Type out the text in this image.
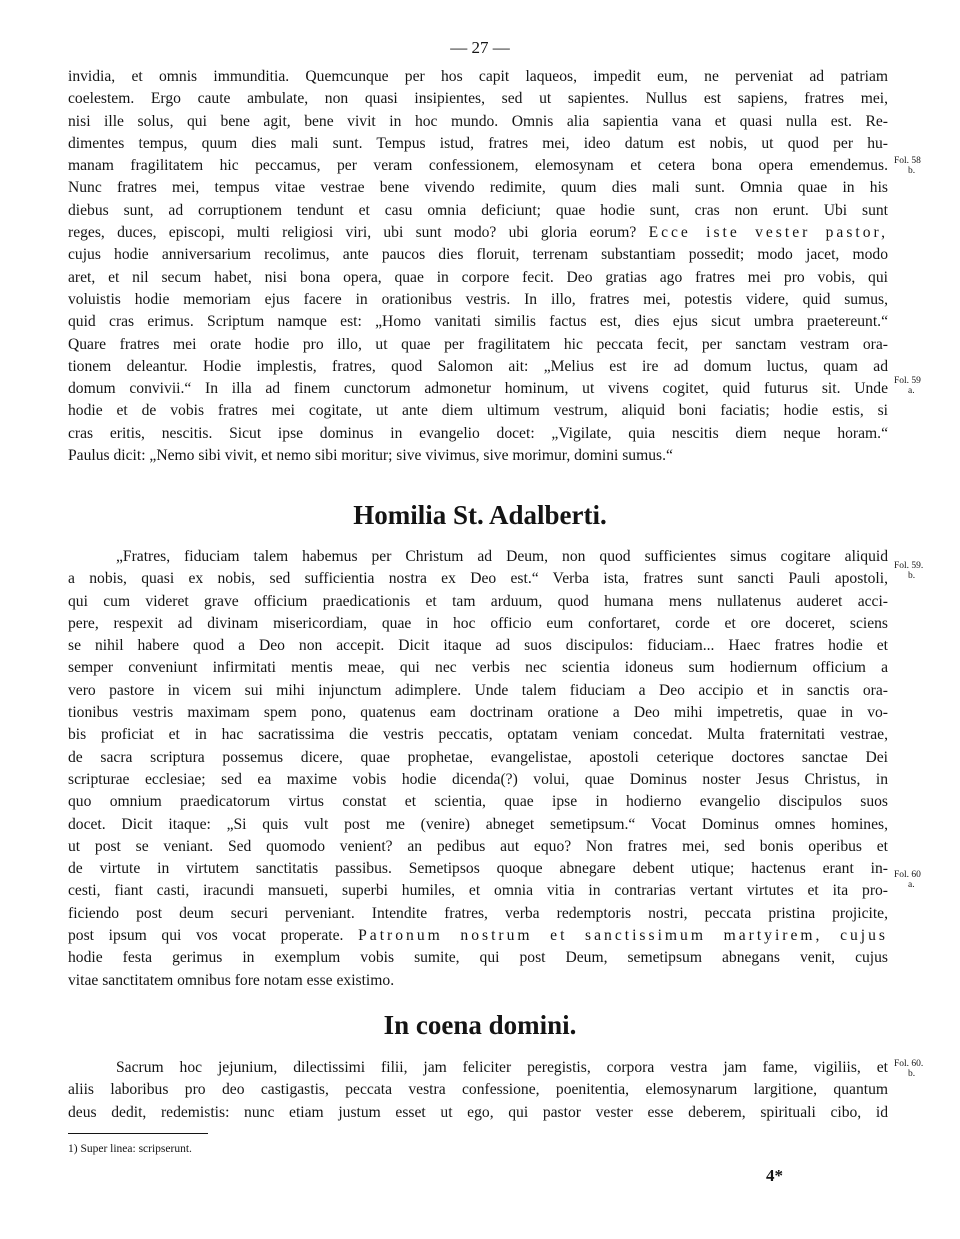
— 27 —
invidia, et omnis immunditia. Quemcunque per hos capit laqueos, impedit eum, ne perveniat ad patriam
coelestem. Ergo caute ambulate, non quasi insipientes, sed ut sapientes. Nullus est sapiens, fratres mei,
nisi ille solus, qui bene agit, bene vivit in hoc mundo. Omnis alia sapientia vana et quasi nulla est. Re-
dimentes tempus, quum dies mali sunt. Tempus istud, fratres mei, ideo datum est nobis, ut quod per hu-
manam fragilitatem hic peccamus, per veram confessionem, elemosynam et cetera bona opera emendemus.
Nunc fratres mei, tempus vitae vestrae bene vivendo redimite, quum dies mali sunt. Omnia quae in his
diebus sunt, ad corruptionem tendunt et casu omnia deficiunt; quae hodie sunt, cras non erunt. Ubi sunt
reges, duces, episcopi, multi religiosi viri, ubi sunt modo? ubi gloria eorum? Ecce iste vester pastor,
cujus hodie anniversarium recolimus, ante paucos dies floruit, terrenam substantiam possedit; modo jacet, modo
aret, et nil secum habet, nisi bona opera, quae in corpore fecit. Deo gratias ago fratres mei pro vobis, qui
voluistis hodie memoriam ejus facere in orationibus vestris. In illo, fratres mei, potestis videre, quid sumus,
quid cras erimus. Scriptum namque est: „Homo vanitati similis factus est, dies ejus sicut umbra praetereunt.“
Quare fratres mei orate hodie pro illo, ut quae per fragilitatem hic peccata fecit, per sanctam vestram ora-
tionem deleantur. Hodie implestis, fratres, quod Salomon ait: „Melius est ire ad domum luctus, quam ad
domum convivii.“ In illa ad finem cunctorum admonetur hominum, ut vivens cogitet, quid futurus sit. Unde
hodie et de vobis fratres mei cogitate, ut ante diem ultimum vestrum, aliquid boni faciatis; hodie estis, si
cras eritis, nescitis. Sicut ipse dominus in evangelio docet: „Vigilate, quia nescitis diem neque horam.“
Paulus dicit: „Nemo sibi vivit, et nemo sibi moritur; sive vivimus, sive morimur, domini sumus.“
Homilia St. Adalberti.
„Fratres, fiduciam talem habemus per Christum ad Deum, non quod sufficientes simus cogitare aliquid
a nobis, quasi ex nobis, sed sufficientia nostra ex Deo est.“ Verba ista, fratres sunt sancti Pauli apostoli,
qui cum videret grave officium praedicationis et tam arduum, quod humana mens nullatenus auderet acci-
pere, respexit ad divinam misericordiam, quae in hoc officio eum confortaret, corde et ore doceret, sciens
se nihil habere quod a Deo non accepit. Dicit itaque ad suos discipulos: fiduciam... Haec fratres hodie et
semper conveniunt infirmitati mentis meae, qui nec verbis nec scientia idoneus sum hodiernum officium a
vero pastore in vicem sui mihi injunctum adimplere. Unde talem fiduciam a Deo accipio et in sanctis ora-
tionibus vestris maximam spem pono, quatenus eam doctrinam oratione a Deo mihi impetretis, quae in vo-
bis proficiat et in hac sacratissima die vestris peccatis, optatam veniam concedat. Multa fraternitati vestrae,
de sacra scriptura possemus dicere, quae prophetae, evangelistae, apostoli ceterique doctores sanctae Dei
scripturae ecclesiae; sed ea maxime vobis hodie dicenda(?) volui, quae Dominus noster Jesus Christus, in
quo omnium praedicatorum virtus constat et scientia, quae ipse in hodierno evangelio discipulos suos
docet. Dicit itaque: „Si quis vult post me (venire) abneget semetipsum.“ Vocat Dominus omnes homines,
ut post se veniant. Sed quomodo venient? an pedibus aut equo? Non fratres mei, sed bonis operibus et
de virtute in virtutem sanctitatis passibus. Semetipsos quoque abnegare debent utique; hactenus erant in-
cesti, fiant casti, iracundi mansueti, superbi humiles, et omnia vitia in contrarias vertant virtutes et ita pro-
ficiendo post deum securi perveniant. Intendite fratres, verba redemptoris nostri, peccata pristina projicite,
post ipsum qui vos vocat properate. Patronum nostrum et sanctissimum martyirem, cujus
hodie festa gerimus in exemplum vobis sumite, qui post Deum, semetipsum abnegans venit, cujus
vitae sanctitatem omnibus fore notam esse existimo.
In coena domini.
Sacrum hoc jejunium, dilectissimi filii, jam feliciter peregistis, corpora vestra jam fame, vigiliis, et
aliis laboribus pro deo castigastis, peccata vestra confessione, poenitentia, elemosynarum largitione, quantum
deus dedit, redemistis: nunc etiam justum esset ut ego, qui pastor vester esse deberem, spirituali cibo, id
Fol. 58
b.
Fol. 59
a.
Fol. 59.
b.
Fol. 60
a.
Fol. 60.
b.
1) Super linea: scripserunt.
4*
